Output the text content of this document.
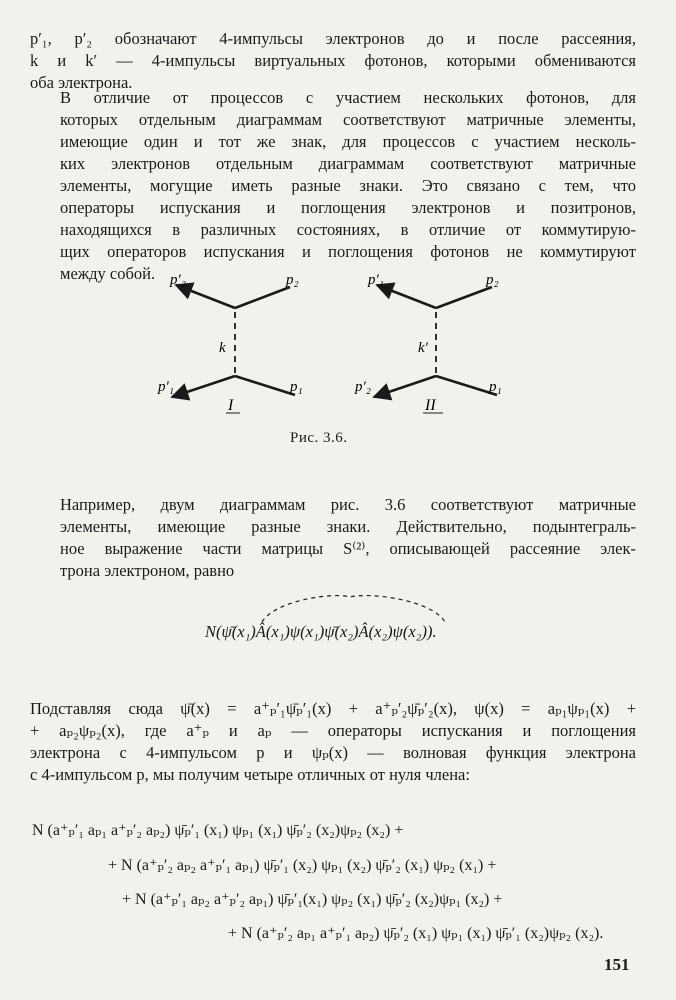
p′₁, p′₂ обозначают 4-импульсы электронов до и после рассеяния,
k и k′ — 4-импульсы виртуальных фотонов, которыми обмениваются
оба электрона.

В отличие от процессов с участием нескольких фотонов, для
которых отдельным диаграммам соответствуют матричные элементы,
имеющие один и тот же знак, для процессов с участием несколь-
ких электронов отдельным диаграммам соответствуют матричные
элементы, могущие иметь разные знаки. Это связано с тем, что
операторы испускания и поглощения электронов и позитронов,
находящихся в различных состояниях, в отличие от коммутирую-
щих операторов испускания и поглощения фотонов не коммутируют
между собой. p′₂	p₂
k
p′₁	p₁
I
p′₁	p₂
k′
p′₂	p₁
II
Рис. 3.6.

Например, двум диаграммам рис. 3.6 соответствуют матричные
элементы, имеющие разные знаки. Действительно, подынтеграль-
ное выражение части матрицы S⁽²⁾, описывающей рассеяние элек-
трона электроном, равно

N(ψ̄(x₁)Â(x₁)ψ(x₁)ψ̄(x₂)Â(x₂)ψ(x₂)).

Подставляя сюда ψ̄(x) = a⁺ₚ′₁ψ̄ₚ′₁(x) + a⁺ₚ′₂ψ̄ₚ′₂(x), ψ(x) = aₚ₁ψₚ₁(x) +
+ aₚ₂ψₚ₂(x), где a⁺ₚ и aₚ — операторы испускания и поглощения
электрона с 4-импульсом p и ψₚ(x) — волновая функция электрона
с 4-импульсом p, мы получим четыре отличных от нуля члена:

N (a⁺ₚ′₁ aₚ₁ a⁺ₚ′₂ aₚ₂) ψ̄ₚ′₁ (x₁) ψₚ₁ (x₁) ψ̄ₚ′₂ (x₂)ψₚ₂ (x₂) +
+ N (a⁺ₚ′₂ aₚ₂ a⁺ₚ′₁ aₚ₁) ψ̄ₚ′₁ (x₂) ψₚ₁ (x₂) ψ̄ₚ′₂ (x₁) ψₚ₂ (x₁) +
+ N (a⁺ₚ′₁ aₚ₂ a⁺ₚ′₂ aₚ₁) ψ̄ₚ′₁(x₁) ψₚ₂ (x₁) ψ̄ₚ′₂ (x₂)ψₚ₁ (x₂) +
+ N (a⁺ₚ′₂ aₚ₁ a⁺ₚ′₁ aₚ₂) ψ̄ₚ′₂ (x₁) ψₚ₁ (x₁) ψ̄ₚ′₁ (x₂)ψₚ₂ (x₂).
151
